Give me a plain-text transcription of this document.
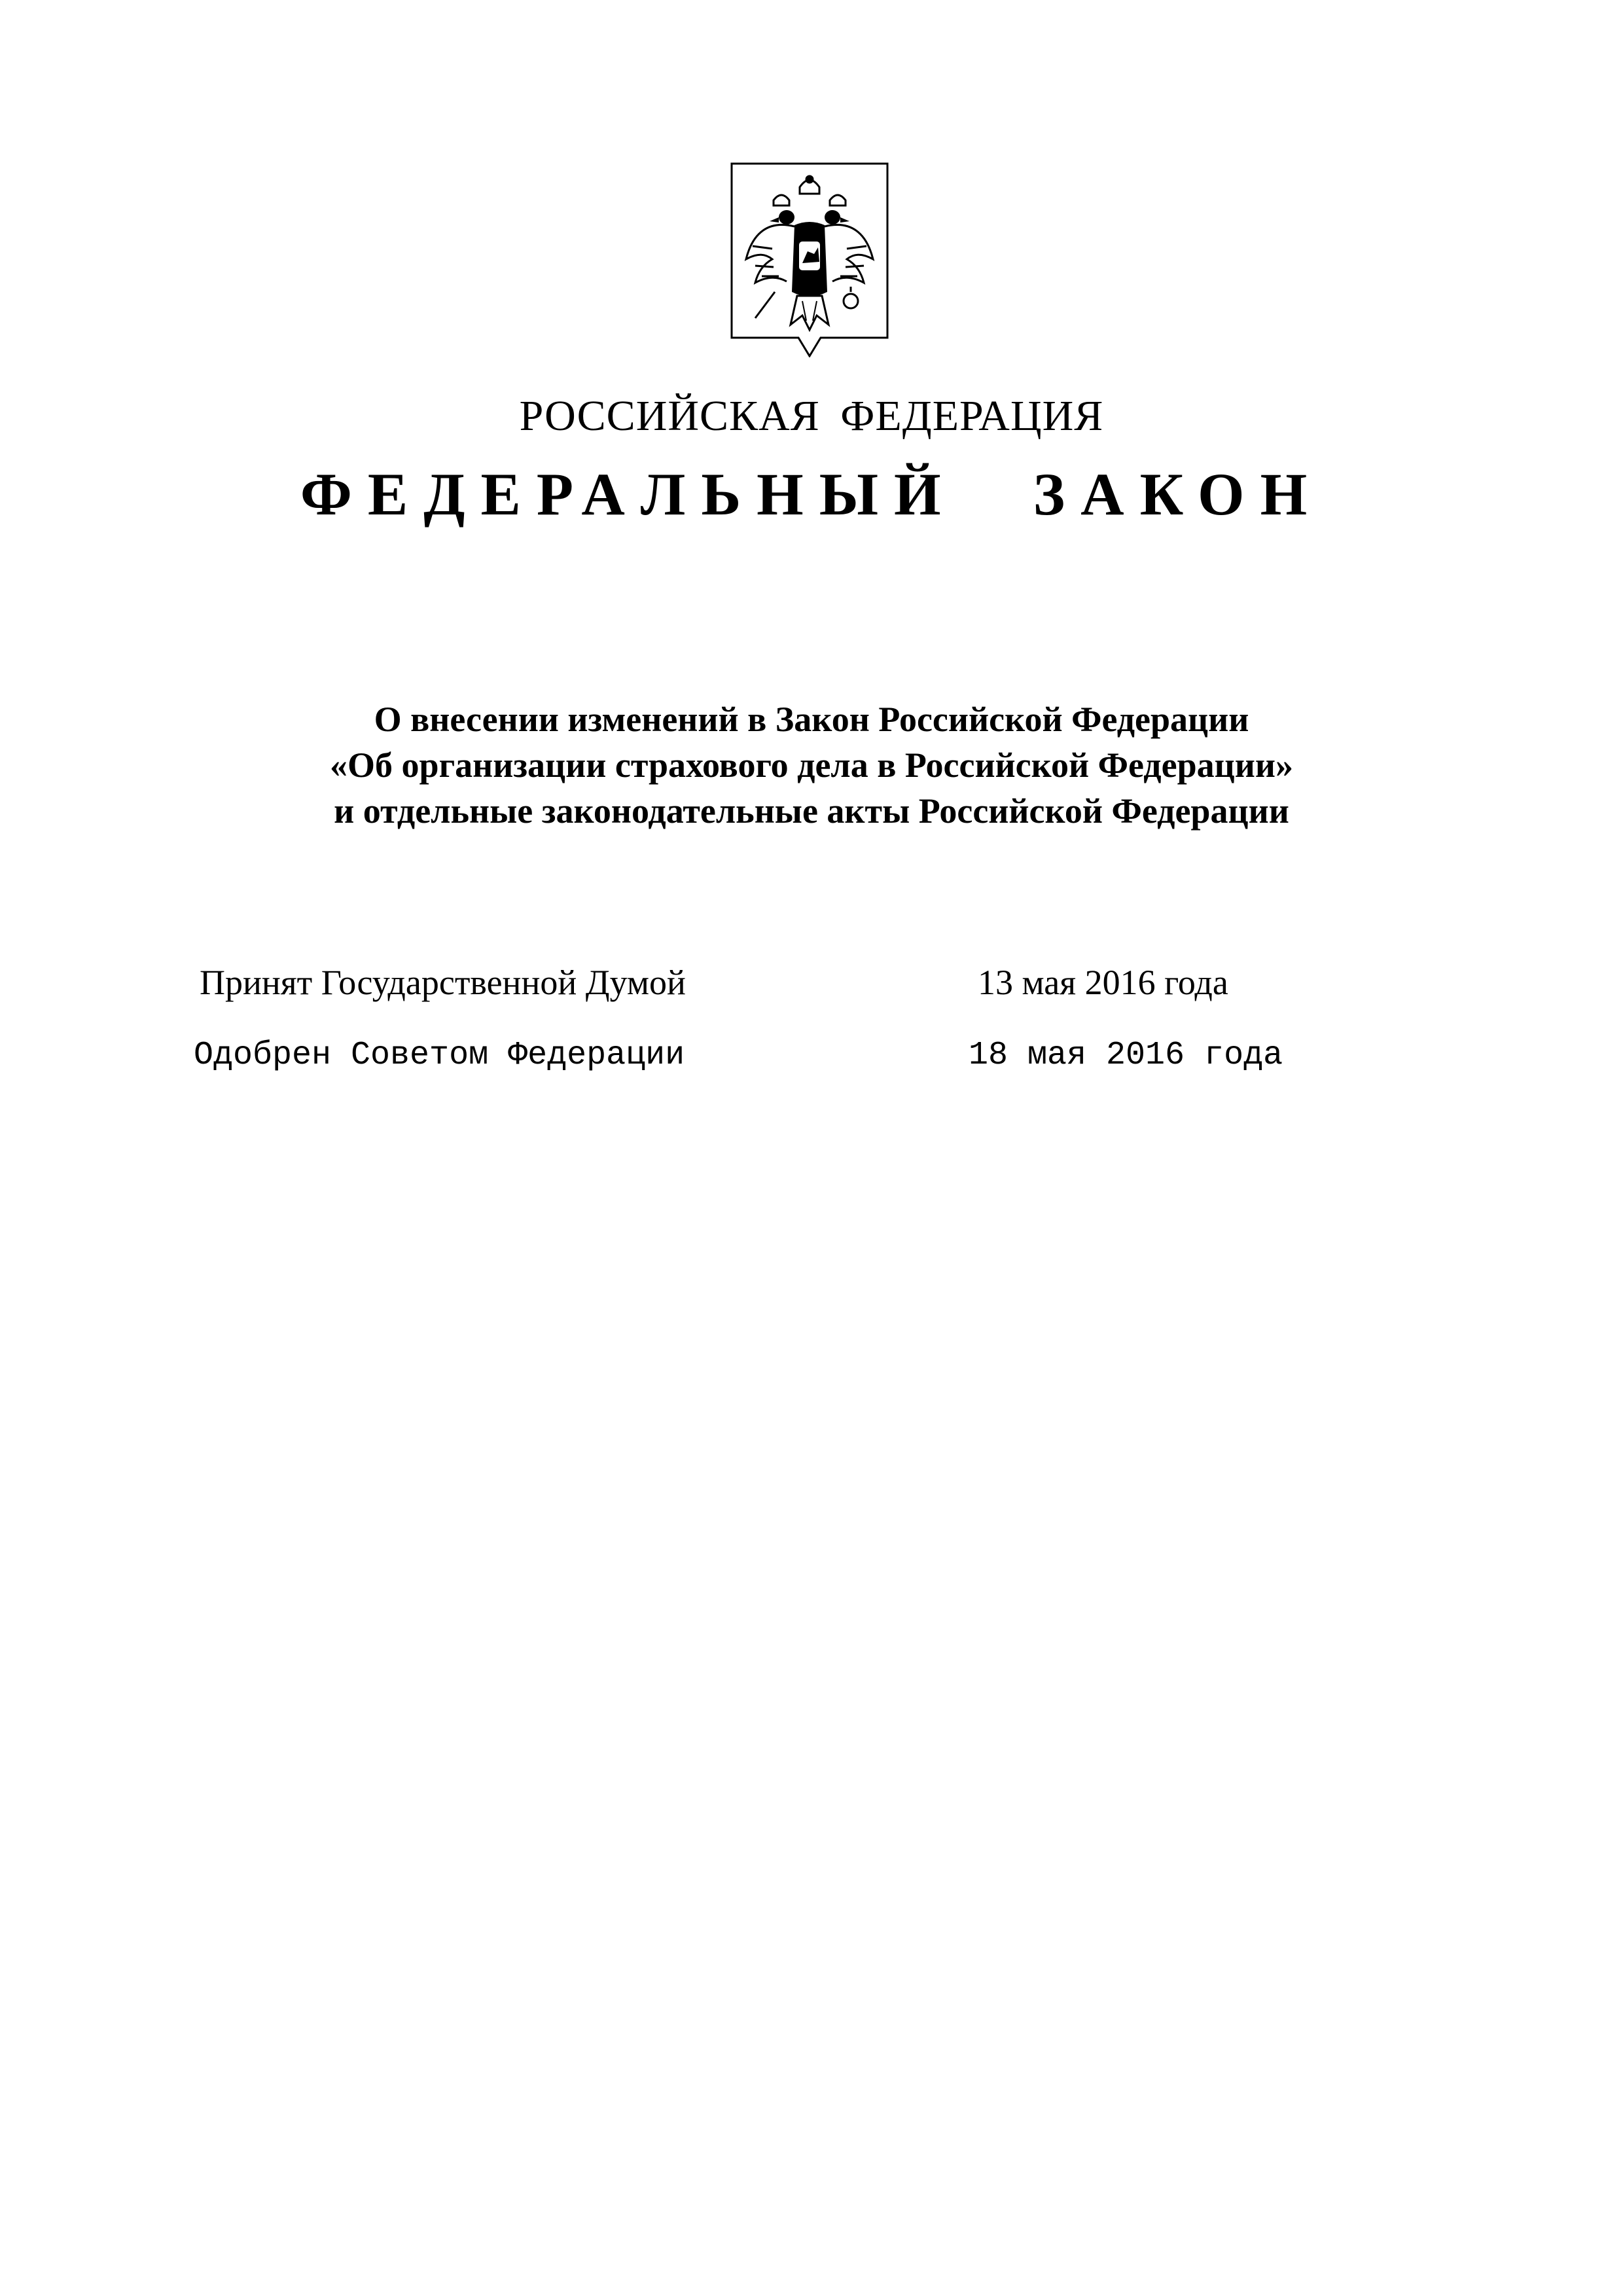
РОССИЙСКАЯ ФЕДЕРАЦИЯ
ФЕДЕРАЛЬНЫЙ ЗАКОН
О внесении изменений в Закон Российской Федерации
«Об организации страхового дела в Российской Федерации»
и отдельные законодательные акты Российской Федерации
Принят Государственной Думой	13 мая 2016 года
Одобрен Советом Федерации	18 мая 2016 года
